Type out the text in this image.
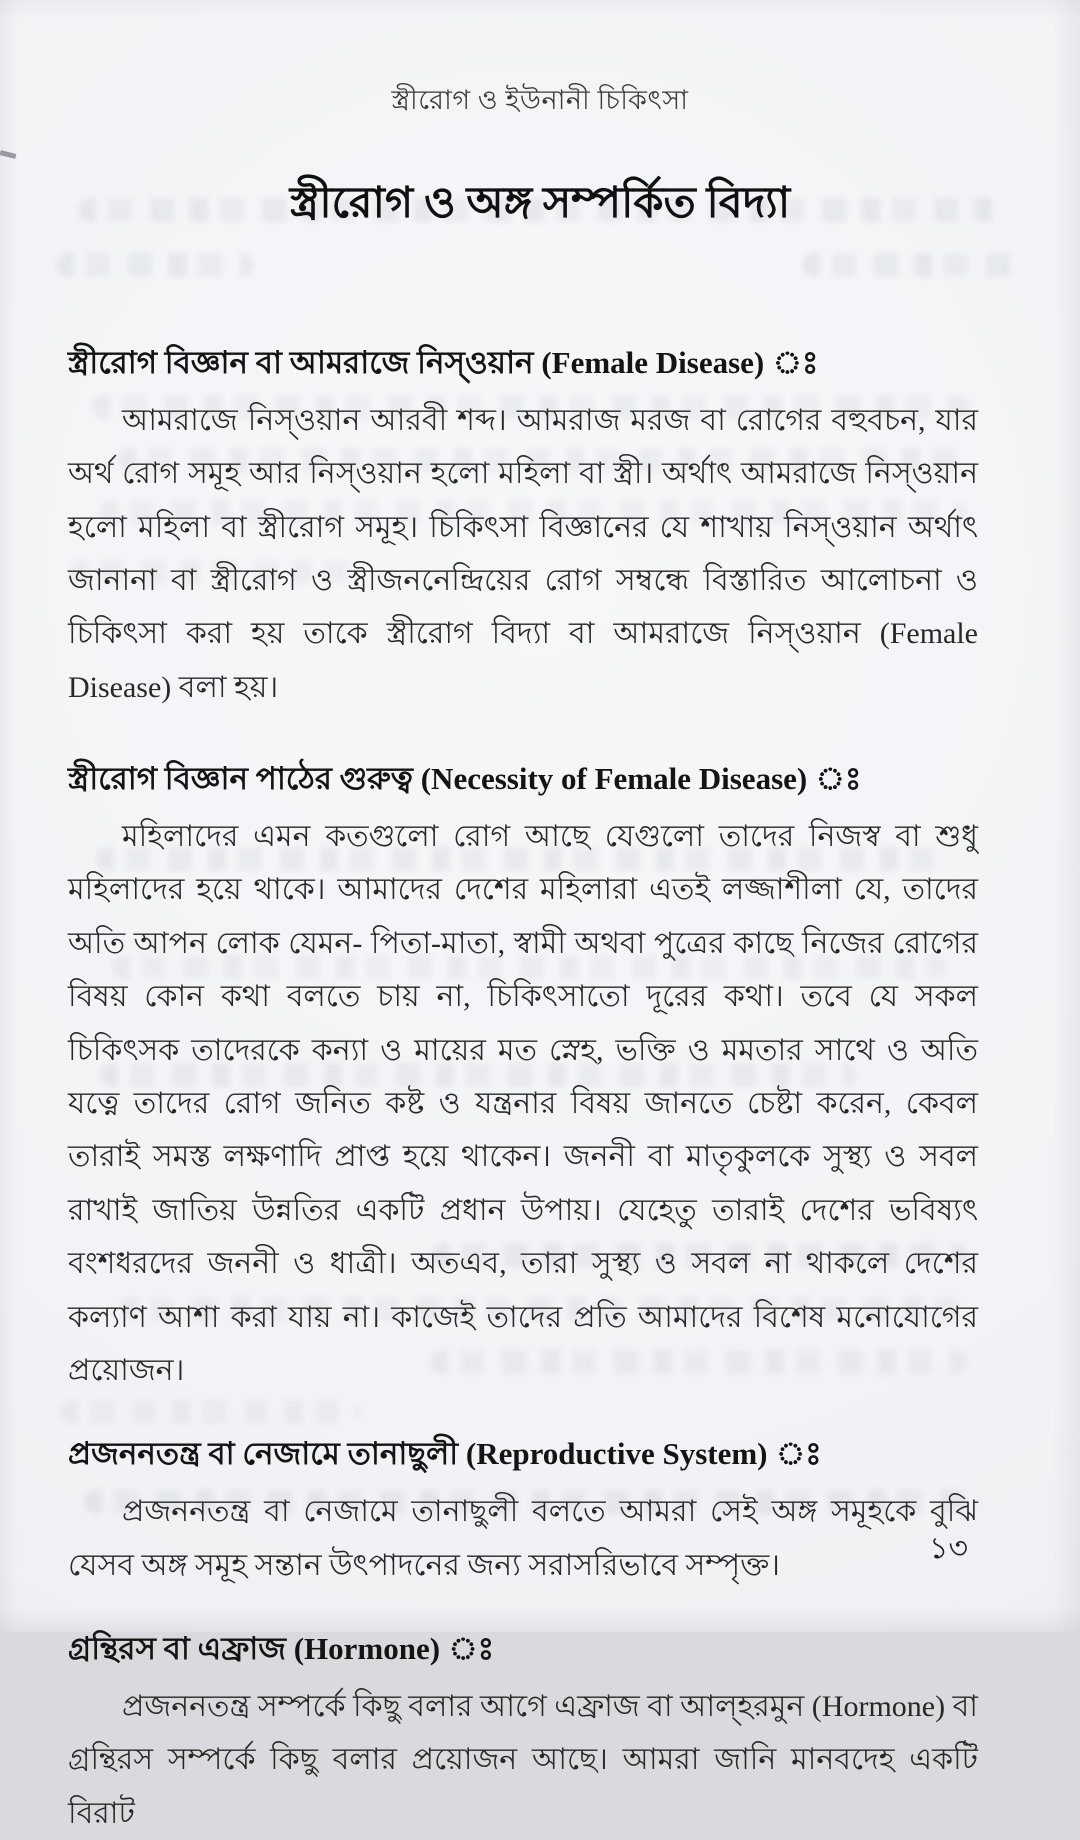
স্ত্রীরোগ ও ইউনানী চিকিৎসা
স্ত্রীরোগ ও অঙ্গ সম্পর্কিত বিদ্যা
স্ত্রীরোগ বিজ্ঞান বা আমরাজে নিস্‌ওয়ান (Female Disease) ঃ

আমরাজে নিস্‌ওয়ান আরবী শব্দ। আমরাজ মরজ বা রোগের বহুবচন, যার অর্থ রোগ সমূহ আর নিস্‌ওয়ান হলো মহিলা বা স্ত্রী। অর্থাৎ আমরাজে নিস্‌ওয়ান হলো মহিলা বা স্ত্রীরোগ সমূহ। চিকিৎসা বিজ্ঞানের যে শাখায় নিস্‌ওয়ান অর্থাৎ জানানা বা স্ত্রীরোগ ও স্ত্রীজননেন্দ্রিয়ের রোগ সম্বন্ধে বিস্তারিত আলোচনা ও চিকিৎসা করা হয় তাকে স্ত্রীরোগ বিদ্যা বা আমরাজে নিস্‌ওয়ান (Female Disease) বলা হয়।

স্ত্রীরোগ বিজ্ঞান পাঠের গুরুত্ব (Necessity of Female Disease) ঃ

মহিলাদের এমন কতগুলো রোগ আছে যেগুলো তাদের নিজস্ব বা শুধু মহিলাদের হয়ে থাকে। আমাদের দেশের মহিলারা এতই লজ্জাশীলা যে, তাদের অতি আপন লোক যেমন- পিতা-মাতা, স্বামী অথবা পুত্রের কাছে নিজের রোগের বিষয় কোন কথা বলতে চায় না, চিকিৎসাতো দূরের কথা। তবে যে সকল চিকিৎসক তাদেরকে কন্যা ও মায়ের মত স্নেহ, ভক্তি ও মমতার সাথে ও অতি যত্নে তাদের রোগ জনিত কষ্ট ও যন্ত্রনার বিষয় জানতে চেষ্টা করেন, কেবল তারাই সমস্ত লক্ষণাদি প্রাপ্ত হয়ে থাকেন। জননী বা মাতৃকুলকে সুস্থ্য ও সবল রাখাই জাতিয় উন্নতির একটি প্রধান উপায়। যেহেতু তারাই দেশের ভবিষ্যৎ বংশধরদের জননী ও ধাত্রী। অতএব, তারা সুস্থ্য ও সবল না থাকলে দেশের কল্যাণ আশা করা যায় না। কাজেই তাদের প্রতি আমাদের বিশেষ মনোযোগের প্রয়োজন।

প্রজননতন্ত্র বা নেজামে তানাছুলী (Reproductive System) ঃ

প্রজননতন্ত্র বা নেজামে তানাছুলী বলতে আমরা সেই অঙ্গ সমূহকে বুঝি যেসব অঙ্গ সমূহ সন্তান উৎপাদনের জন্য সরাসরিভাবে সম্পৃক্ত।

গ্রন্থিরস বা এফ্রাজ (Hormone) ঃ

প্রজননতন্ত্র সম্পর্কে কিছু বলার আগে এফ্রাজ বা আল্‌হরমুন (Hormone) বা গ্রন্থিরস সম্পর্কে কিছু বলার প্রয়োজন আছে। আমরা জানি মানবদেহ একটি বিরাট

১৩
